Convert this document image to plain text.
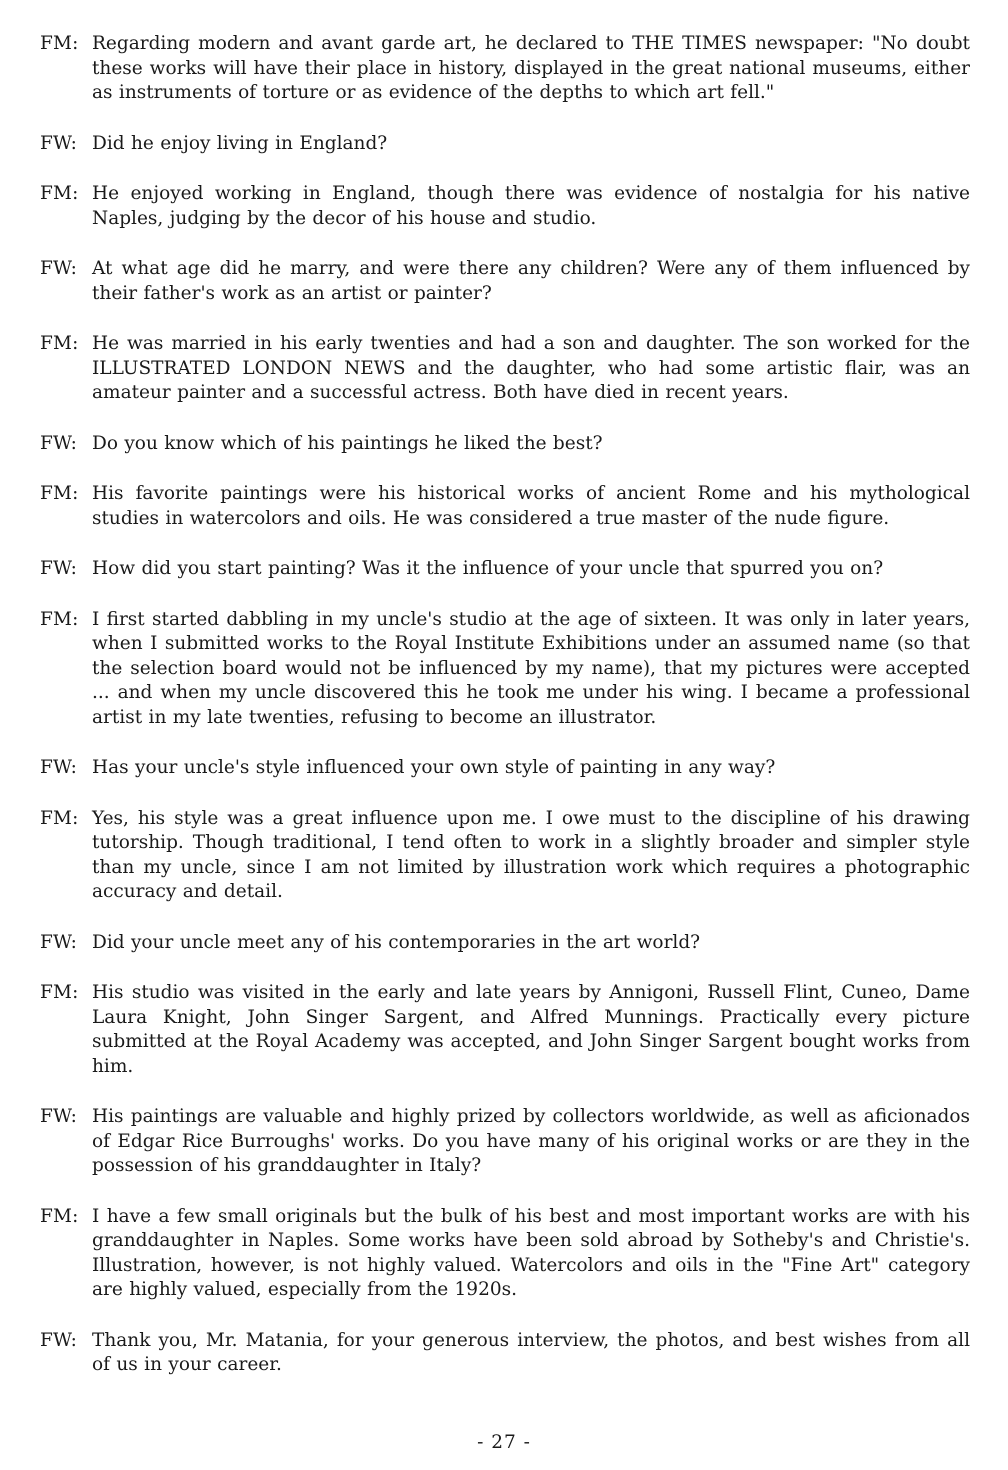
FM: Regarding modern and avant garde art, he declared to THE TIMES newspaper: "No doubt these works will have their place in history, displayed in the great national museums, either as instruments of torture or as evidence of the depths to which art fell."
FW: Did he enjoy living in England?
FM: He enjoyed working in England, though there was evidence of nostalgia for his native Naples, judging by the decor of his house and studio.
FW: At what age did he marry, and were there any children? Were any of them influenced by their father's work as an artist or painter?
FM: He was married in his early twenties and had a son and daughter. The son worked for the ILLUSTRATED LONDON NEWS and the daughter, who had some artistic flair, was an amateur painter and a successful actress. Both have died in recent years.
FW: Do you know which of his paintings he liked the best?
FM: His favorite paintings were his historical works of ancient Rome and his mythological studies in watercolors and oils. He was considered a true master of the nude figure.
FW: How did you start painting? Was it the influence of your uncle that spurred you on?
FM: I first started dabbling in my uncle's studio at the age of sixteen. It was only in later years, when I submitted works to the Royal Institute Exhibitions under an assumed name (so that the selection board would not be influenced by my name), that my pictures were accepted ... and when my uncle discovered this he took me under his wing. I became a professional artist in my late twenties, refusing to become an illustrator.
FW: Has your uncle's style influenced your own style of painting in any way?
FM: Yes, his style was a great influence upon me. I owe must to the discipline of his drawing tutorship. Though traditional, I tend often to work in a slightly broader and simpler style than my uncle, since I am not limited by illustration work which requires a photographic accuracy and detail.
FW: Did your uncle meet any of his contemporaries in the art world?
FM: His studio was visited in the early and late years by Annigoni, Russell Flint, Cuneo, Dame Laura Knight, John Singer Sargent, and Alfred Munnings. Practically every picture submitted at the Royal Academy was accepted, and John Singer Sargent bought works from him.
FW: His paintings are valuable and highly prized by collectors worldwide, as well as aficionados of Edgar Rice Burroughs' works. Do you have many of his original works or are they in the possession of his granddaughter in Italy?
FM: I have a few small originals but the bulk of his best and most important works are with his granddaughter in Naples. Some works have been sold abroad by Sotheby's and Christie's. Illustration, however, is not highly valued. Watercolors and oils in the "Fine Art" category are highly valued, especially from the 1920s.
FW: Thank you, Mr. Matania, for your generous interview, the photos, and best wishes from all of us in your career.
- 27 -
